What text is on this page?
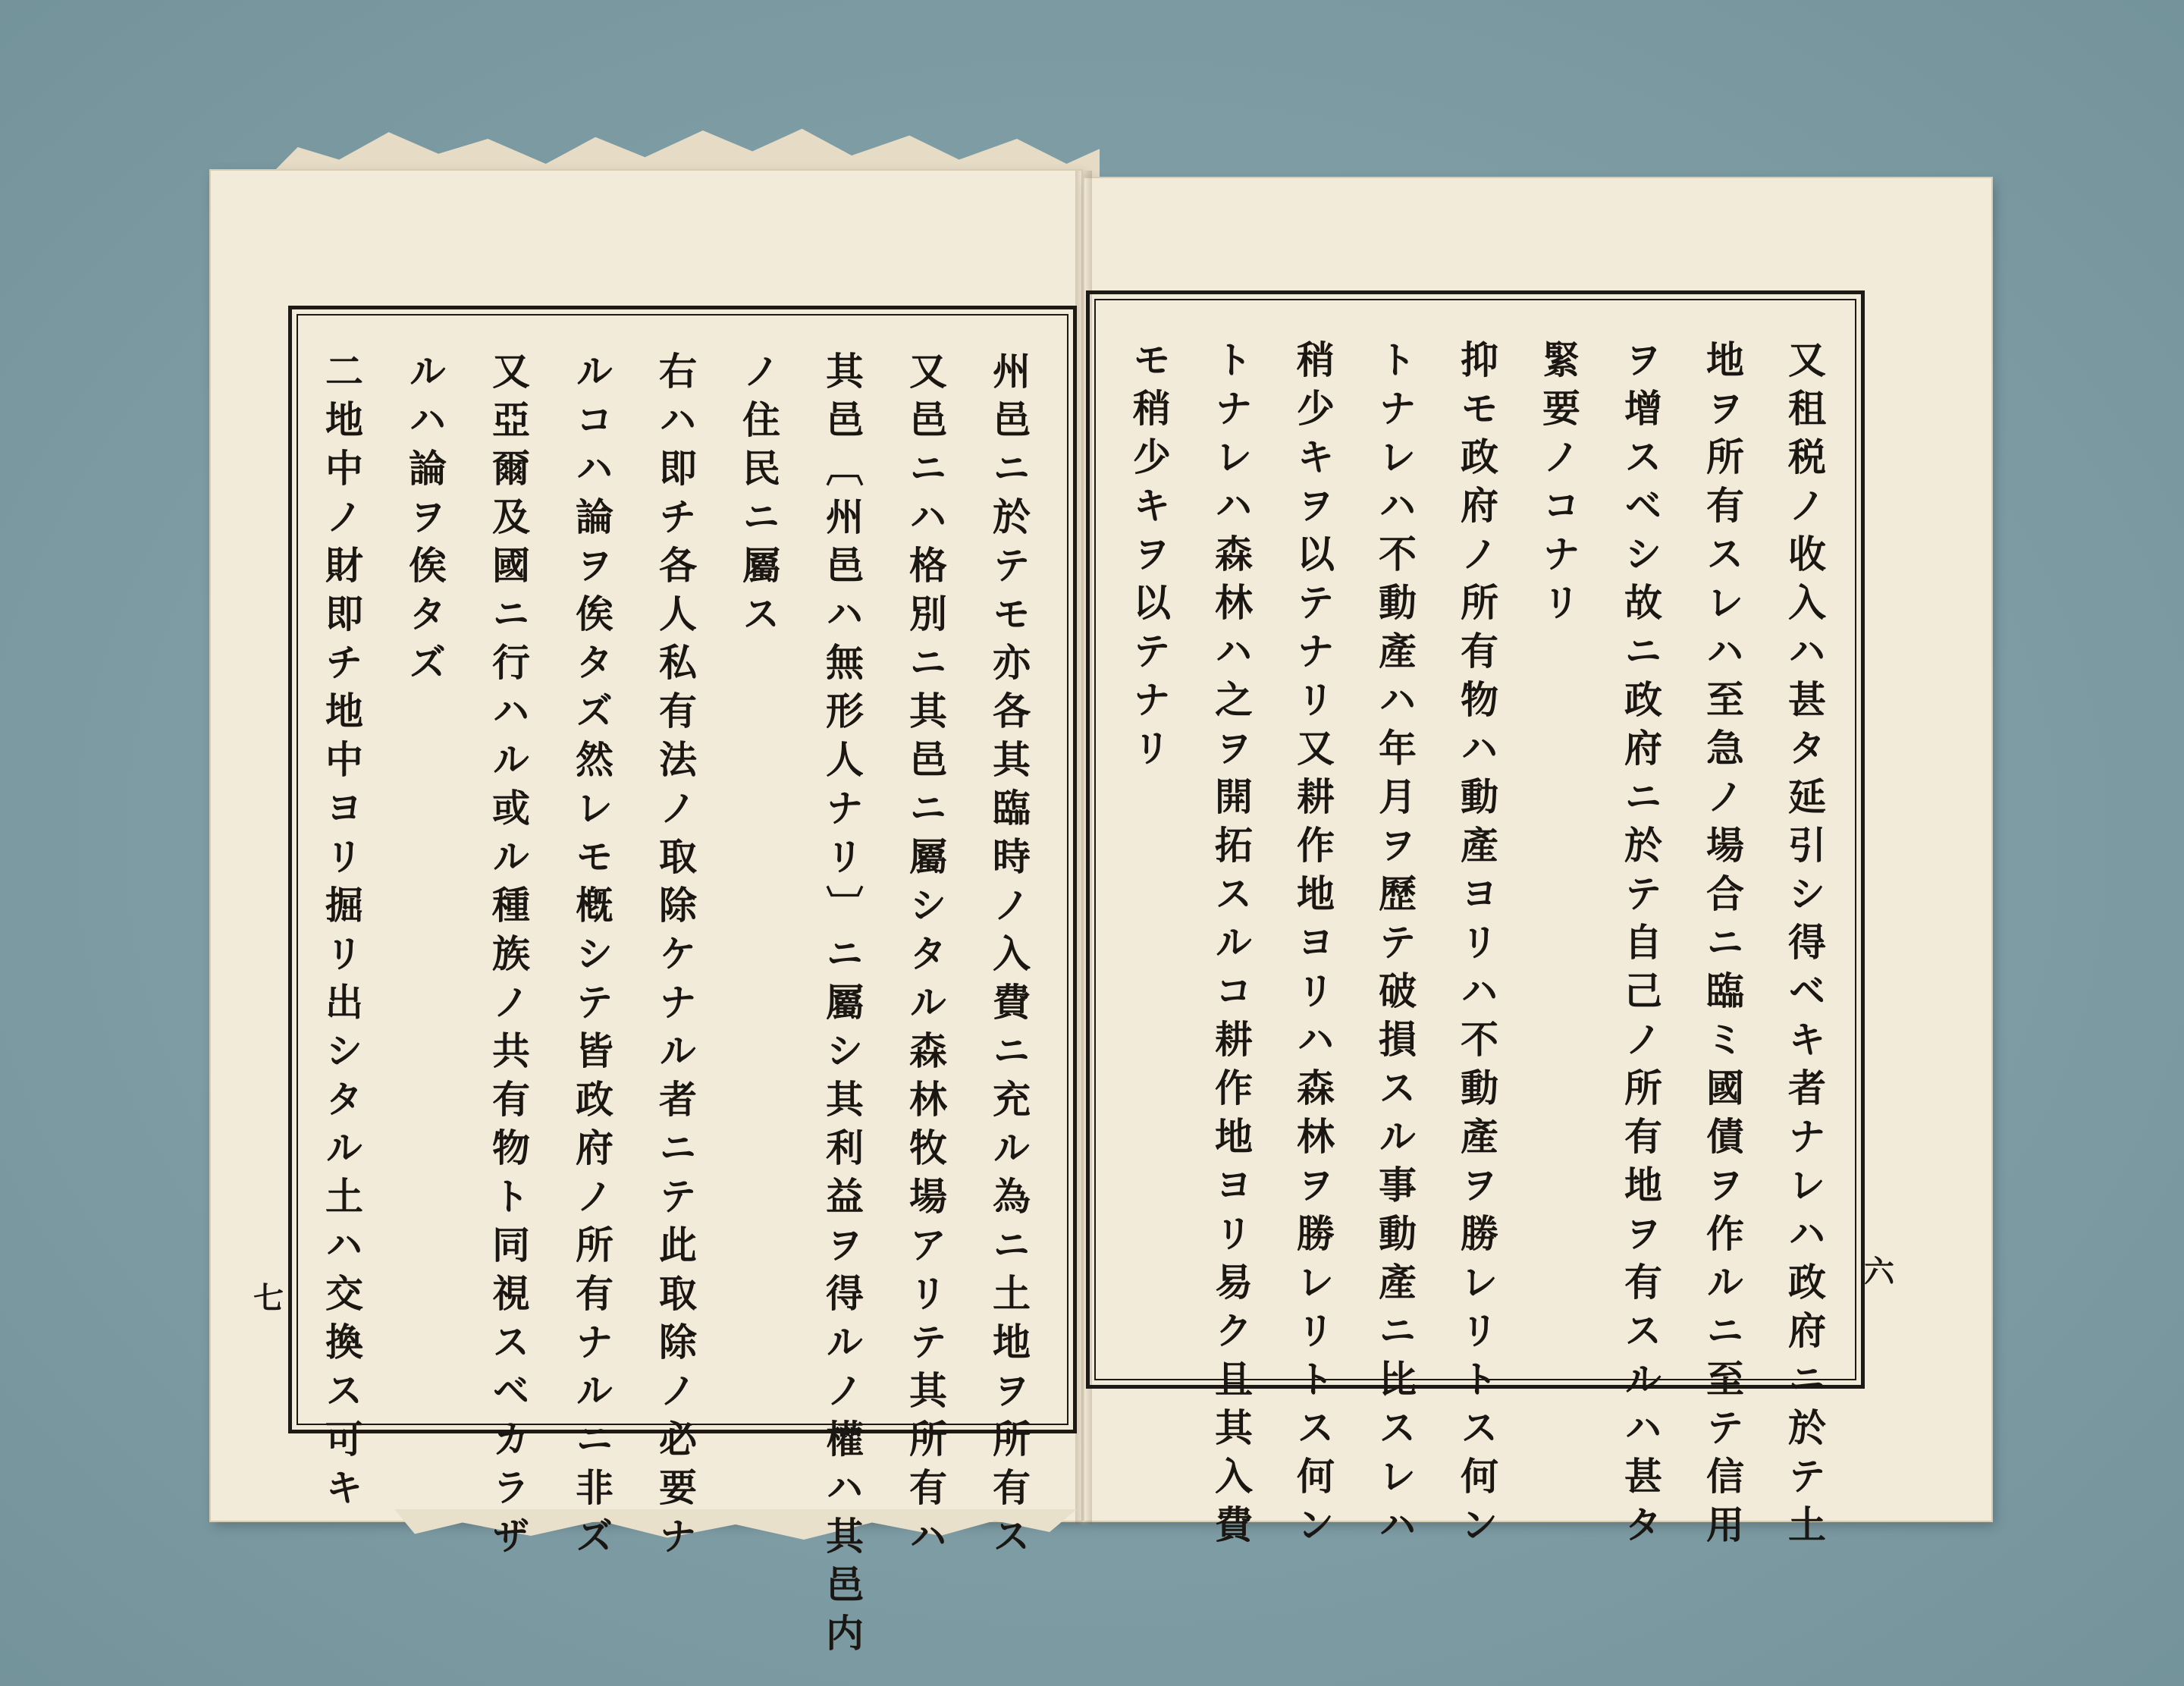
州邑ニ於テモ亦各其臨時ノ入費ニ充ル為ニ土地ヲ所有ス
又邑ニハ格別ニ其邑ニ屬シタル森林牧場アリテ其所有ハ
其邑〔州邑ハ無形人ナリ〕ニ屬シ其利益ヲ得ルノ權ハ其邑内
ノ住民ニ屬ス
右ハ即チ各人私有法ノ取除ケナル者ニテ此取除ノ必要ナ
ルコハ論ヲ俟タズ然レモ槪シテ皆政府ノ所有ナルニ非ズ
又亞爾及國ニ行ハル或ル種族ノ共有物ト同視スベカラザ
ルハ論ヲ俟タズ
二地中ノ財即チ地中ヨリ掘リ出シタル土ハ交換ス可キ	又租税ノ收入ハ甚タ延引シ得ベキ者ナレハ政府ニ於テ土
地ヲ所有スレハ至急ノ場合ニ臨ミ國債ヲ作ルニ至テ信用
ヲ增スベシ故ニ政府ニ於テ自己ノ所有地ヲ有スルハ甚タ
緊要ノコナリ
抑モ政府ノ所有物ハ動產ヨリハ不動產ヲ勝レリトス何ン
トナレハ不動產ハ年月ヲ歷テ破損スル事動產ニ比スレハ
稍少キヲ以テナリ又耕作地ヨリハ森林ヲ勝レリトス何ン
トナレハ森林ハ之ヲ開拓スルコ耕作地ヨリ易ク且其入費
モ稍少キヲ以テナリ
七
六
